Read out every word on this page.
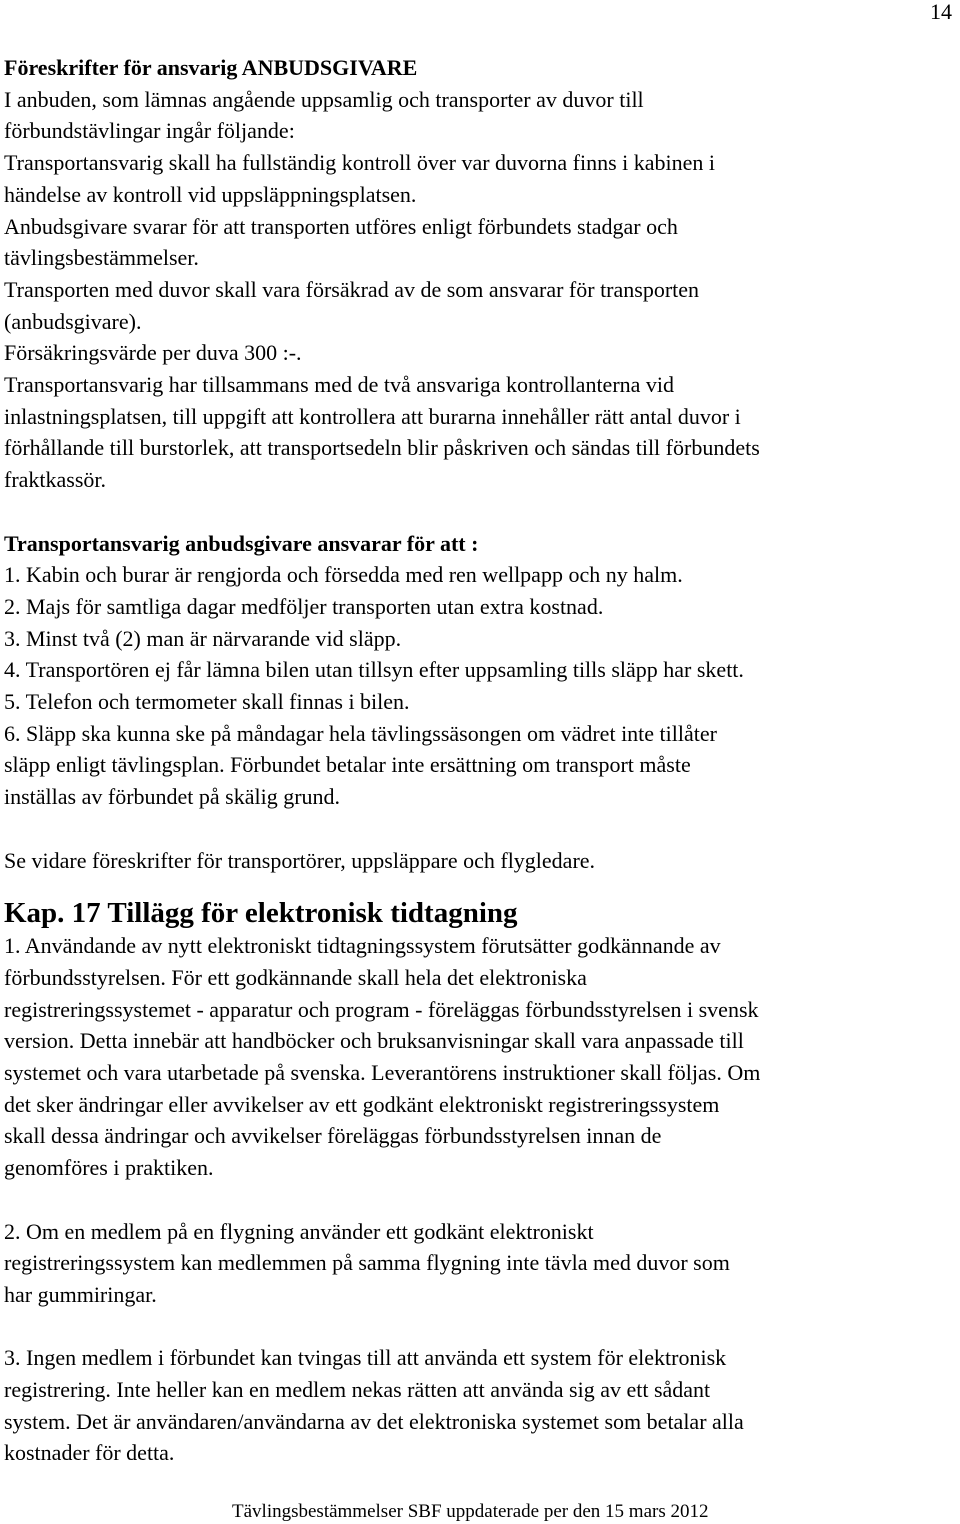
14
Föreskrifter för ansvarig ANBUDSGIVARE
I anbuden, som lämnas angående uppsamlig och transporter av duvor till
förbundstävlingar ingår följande:
Transportansvarig skall ha fullständig kontroll över var duvorna finns i kabinen i
händelse av kontroll vid uppsläppningsplatsen.
Anbudsgivare svarar för att transporten utföres enligt förbundets stadgar och
tävlingsbestämmelser.
Transporten med duvor skall vara försäkrad av de som ansvarar för transporten
(anbudsgivare).
Försäkringsvärde per duva 300 :-.
Transportansvarig har tillsammans med de två ansvariga kontrollanterna vid
inlastningsplatsen, till uppgift att kontrollera att burarna innehåller rätt antal duvor i
förhållande till burstorlek, att transportsedeln blir påskriven och sändas till förbundets
fraktkassör.
Transportansvarig anbudsgivare ansvarar för att :
1. Kabin och burar är rengjorda och försedda med ren wellpapp och ny halm.
2. Majs för samtliga dagar medföljer transporten utan extra kostnad.
3. Minst två (2) man är närvarande vid släpp.
4. Transportören ej får lämna bilen utan tillsyn efter uppsamling tills släpp har skett.
5. Telefon och termometer skall finnas i bilen.
6. Släpp ska kunna ske på måndagar hela tävlingssäsongen om vädret inte tillåter
släpp enligt tävlingsplan. Förbundet betalar inte ersättning om transport måste
inställas av förbundet på skälig grund.
Se vidare föreskrifter för transportörer, uppsläppare och flygledare.
Kap. 17 Tillägg för elektronisk tidtagning
1. Användande av nytt elektroniskt tidtagningssystem förutsätter godkännande av
förbundsstyrelsen. För ett godkännande skall hela det elektroniska
registreringssystemet - apparatur och program - föreläggas förbundsstyrelsen i svensk
version. Detta innebär att handböcker och bruksanvisningar skall vara anpassade till
systemet och vara utarbetade på svenska. Leverantörens instruktioner skall följas. Om
det sker ändringar eller avvikelser av ett godkänt elektroniskt registreringssystem
skall dessa ändringar och avvikelser föreläggas förbundsstyrelsen innan de
genomföres i praktiken.
2. Om en medlem på en flygning använder ett godkänt elektroniskt
registreringssystem kan medlemmen på samma flygning inte tävla med duvor som
har gummiringar.
3. Ingen medlem i förbundet kan tvingas till att använda ett system för elektronisk
registrering. Inte heller kan en medlem nekas rätten att använda sig av ett sådant
system. Det är användaren/användarna av det elektroniska systemet som betalar alla
kostnader för detta.
Tävlingsbestämmelser SBF uppdaterade per den 15 mars 2012
